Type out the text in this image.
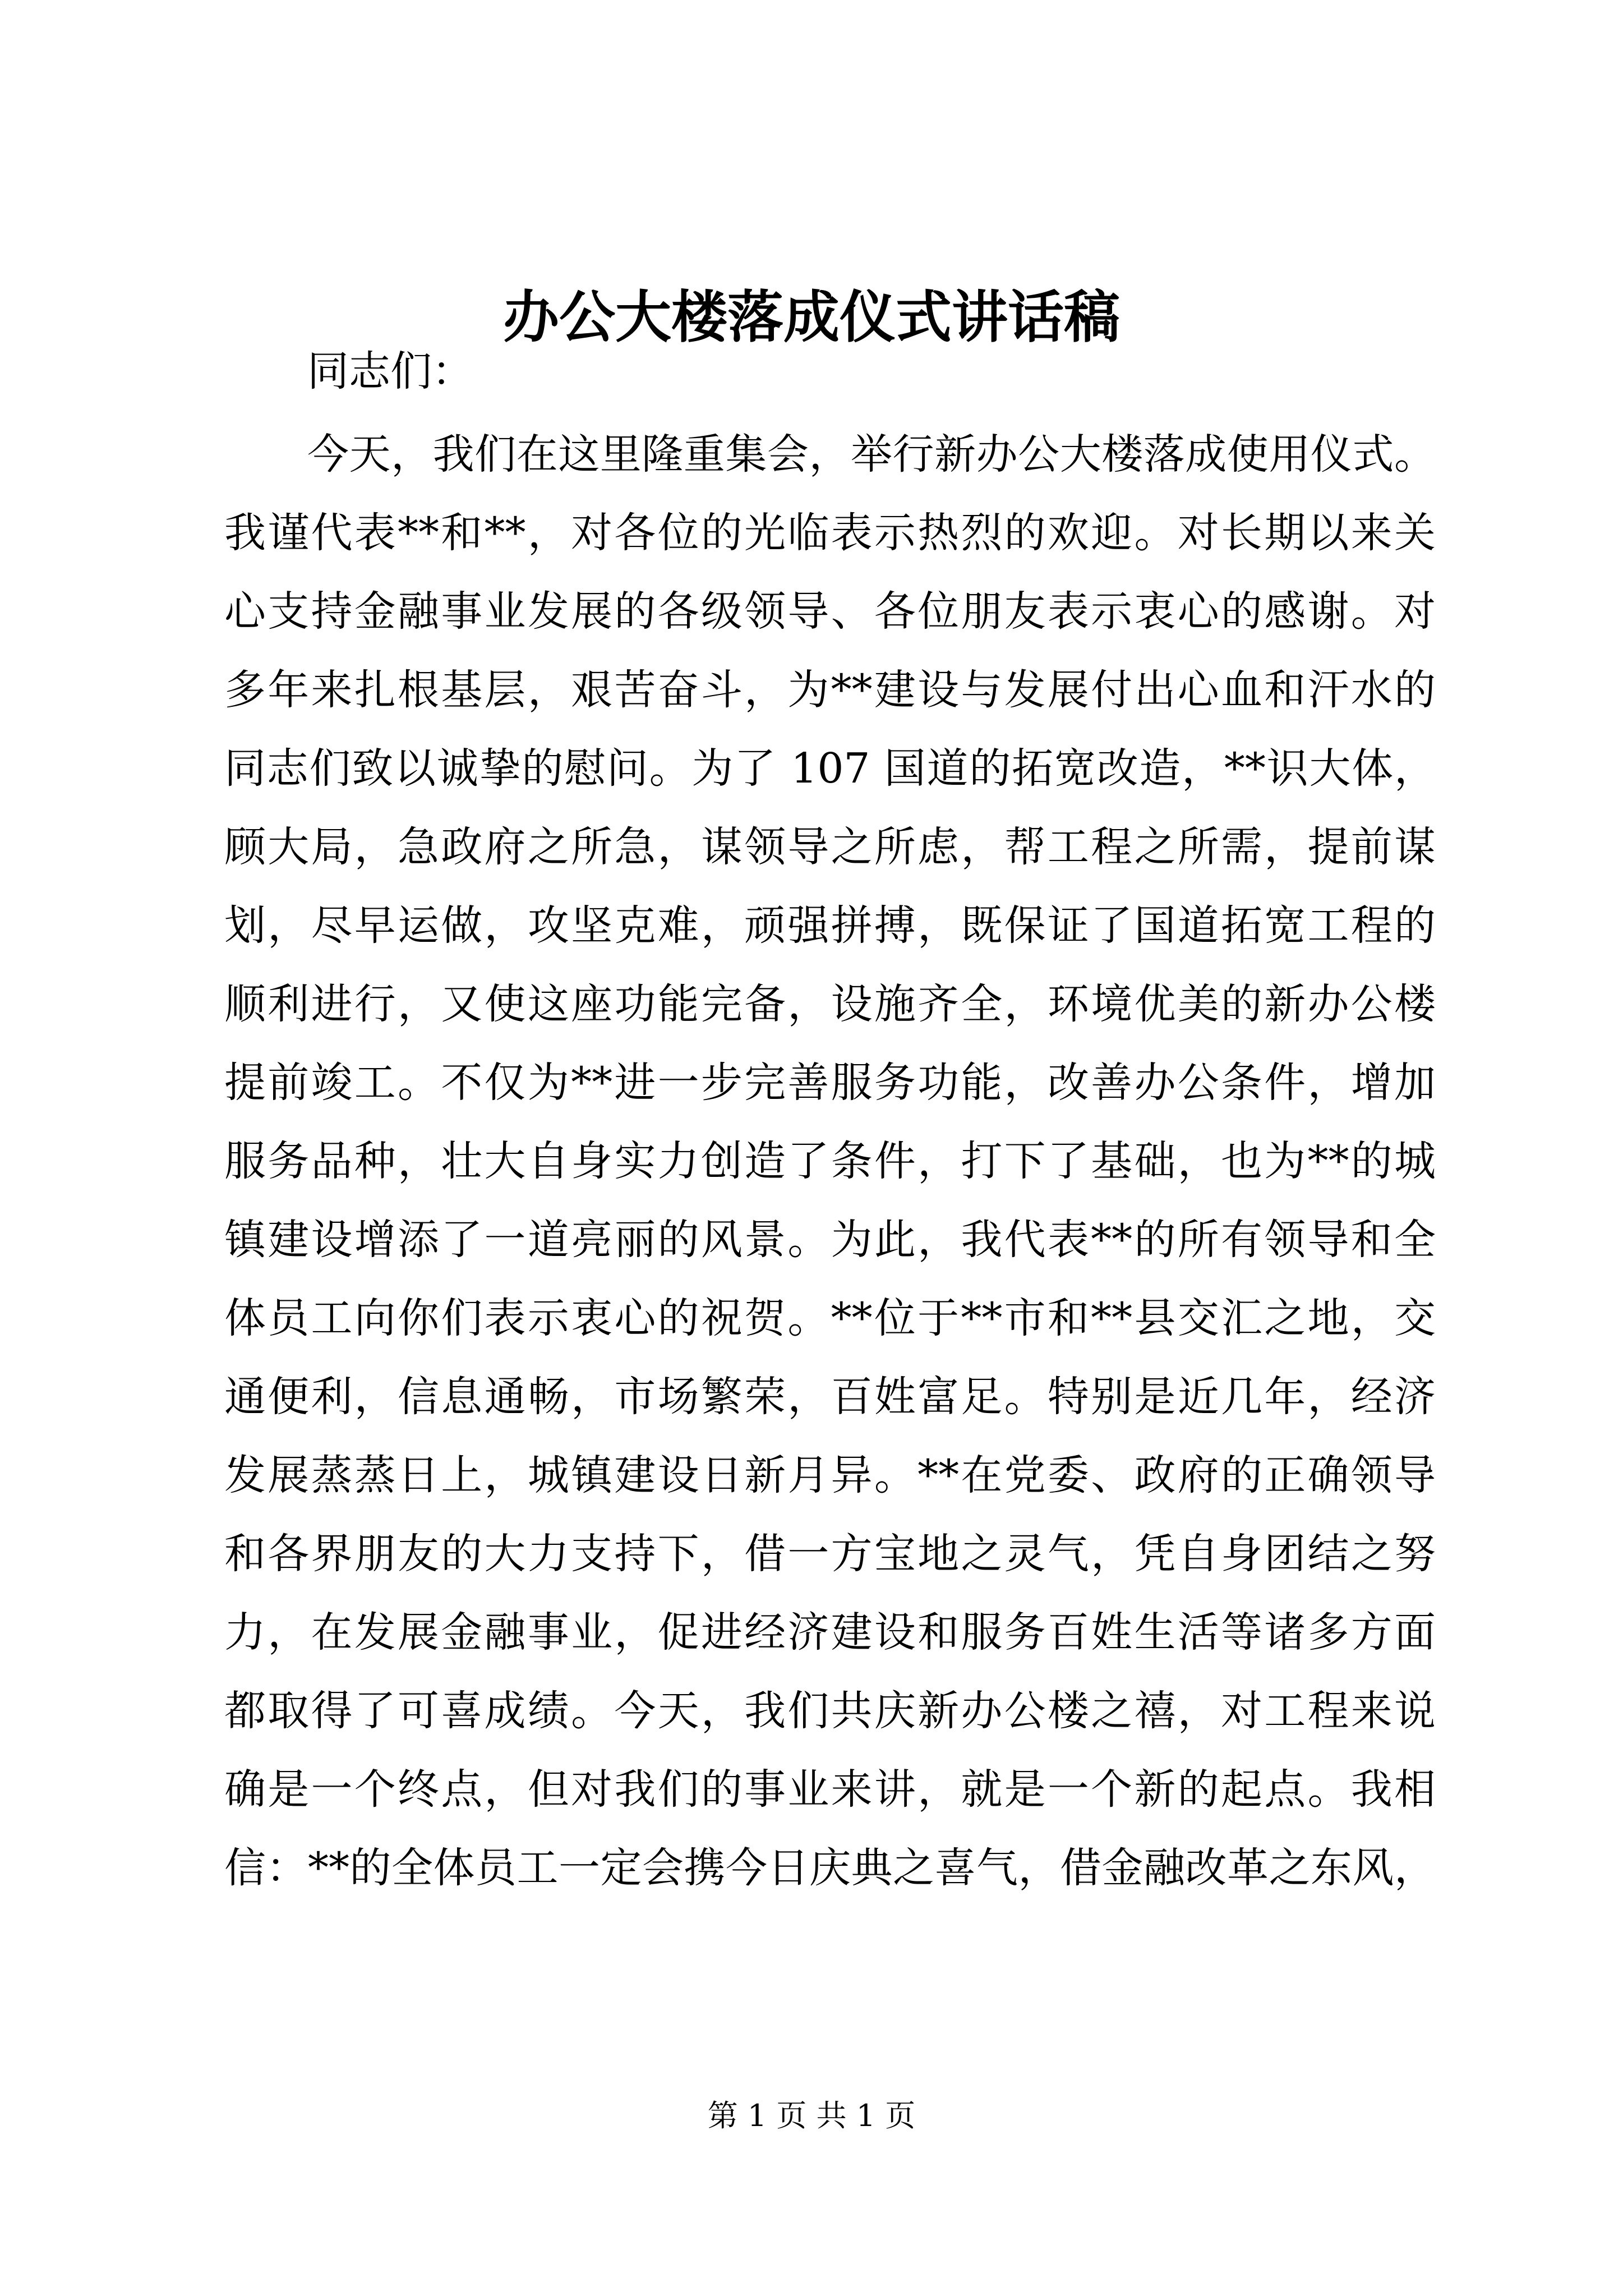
办公大楼落成仪式讲话稿

同志们：

今天，我们在这里隆重集会，举行新办公大楼落成使用仪式。

我谨代表**和**，对各位的光临表示热烈的欢迎。对长期以来关

心支持金融事业发展的各级领导、各位朋友表示衷心的感谢。对

多年来扎根基层，艰苦奋斗，为**建设与发展付出心血和汗水的

同志们致以诚挚的慰问。为了 107 国道的拓宽改造，**识大体，

顾大局，急政府之所急，谋领导之所虑，帮工程之所需，提前谋

划，尽早运做，攻坚克难，顽强拼搏，既保证了国道拓宽工程的

顺利进行，又使这座功能完备，设施齐全，环境优美的新办公楼

提前竣工。不仅为**进一步完善服务功能，改善办公条件，增加

服务品种，壮大自身实力创造了条件，打下了基础，也为**的城

镇建设增添了一道亮丽的风景。为此，我代表**的所有领导和全

体员工向你们表示衷心的祝贺。**位于**市和**县交汇之地，交

通便利，信息通畅，市场繁荣，百姓富足。特别是近几年，经济

发展蒸蒸日上，城镇建设日新月异。**在党委、政府的正确领导

和各界朋友的大力支持下，借一方宝地之灵气，凭自身团结之努

力，在发展金融事业，促进经济建设和服务百姓生活等诸多方面

都取得了可喜成绩。今天，我们共庆新办公楼之禧，对工程来说

确是一个终点，但对我们的事业来讲，就是一个新的起点。我相

信：**的全体员工一定会携今日庆典之喜气，借金融改革之东风，

第 1 页 共 1 页
